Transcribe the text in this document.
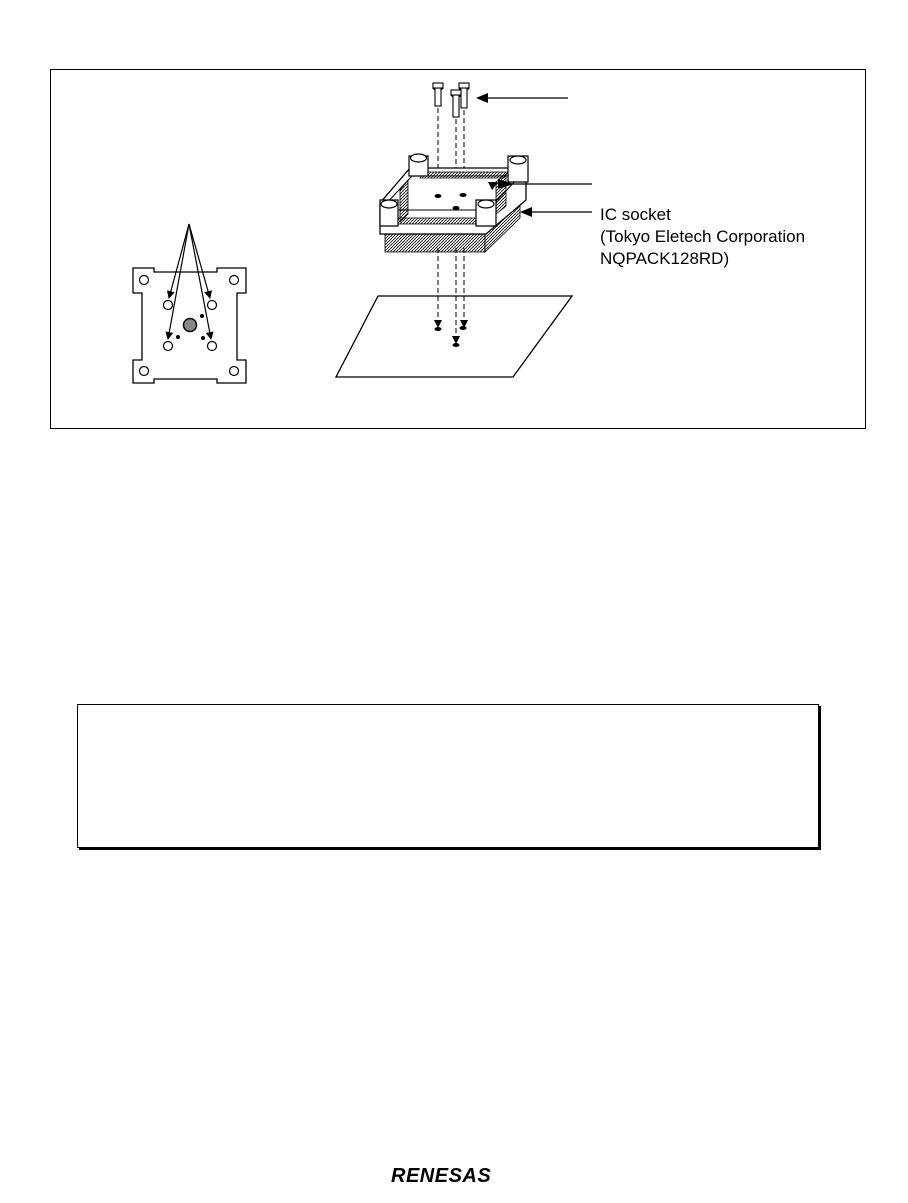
IC socket
(Tokyo Eletech Corporation
NQPACK128RD)
RENESAS
